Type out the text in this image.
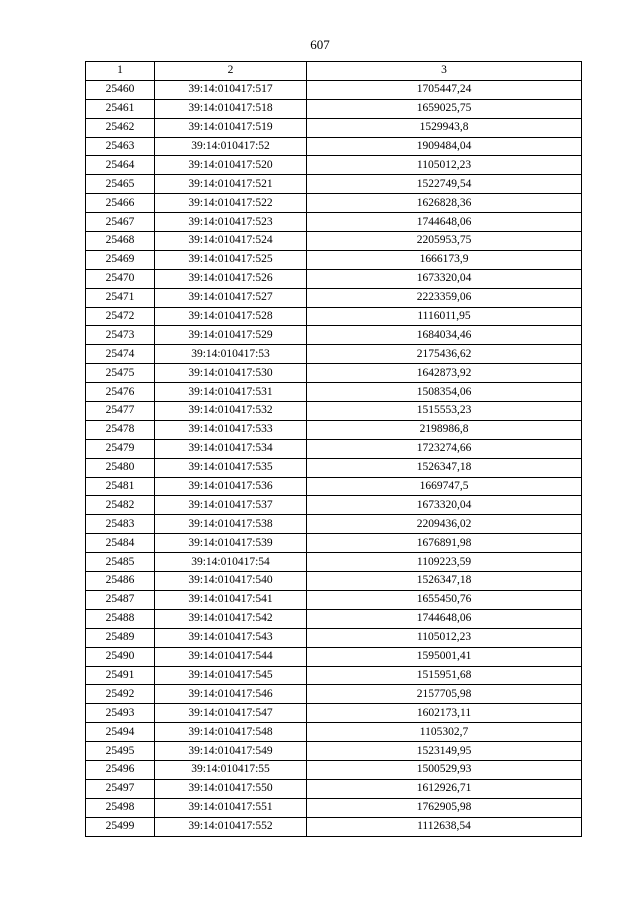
607
1	2	3
25460	39:14:010417:517	1705447,24
25461	39:14:010417:518	1659025,75
25462	39:14:010417:519	1529943,8
25463	39:14:010417:52	1909484,04
25464	39:14:010417:520	1105012,23
25465	39:14:010417:521	1522749,54
25466	39:14:010417:522	1626828,36
25467	39:14:010417:523	1744648,06
25468	39:14:010417:524	2205953,75
25469	39:14:010417:525	1666173,9
25470	39:14:010417:526	1673320,04
25471	39:14:010417:527	2223359,06
25472	39:14:010417:528	1116011,95
25473	39:14:010417:529	1684034,46
25474	39:14:010417:53	2175436,62
25475	39:14:010417:530	1642873,92
25476	39:14:010417:531	1508354,06
25477	39:14:010417:532	1515553,23
25478	39:14:010417:533	2198986,8
25479	39:14:010417:534	1723274,66
25480	39:14:010417:535	1526347,18
25481	39:14:010417:536	1669747,5
25482	39:14:010417:537	1673320,04
25483	39:14:010417:538	2209436,02
25484	39:14:010417:539	1676891,98
25485	39:14:010417:54	1109223,59
25486	39:14:010417:540	1526347,18
25487	39:14:010417:541	1655450,76
25488	39:14:010417:542	1744648,06
25489	39:14:010417:543	1105012,23
25490	39:14:010417:544	1595001,41
25491	39:14:010417:545	1515951,68
25492	39:14:010417:546	2157705,98
25493	39:14:010417:547	1602173,11
25494	39:14:010417:548	1105302,7
25495	39:14:010417:549	1523149,95
25496	39:14:010417:55	1500529,93
25497	39:14:010417:550	1612926,71
25498	39:14:010417:551	1762905,98
25499	39:14:010417:552	1112638,54
